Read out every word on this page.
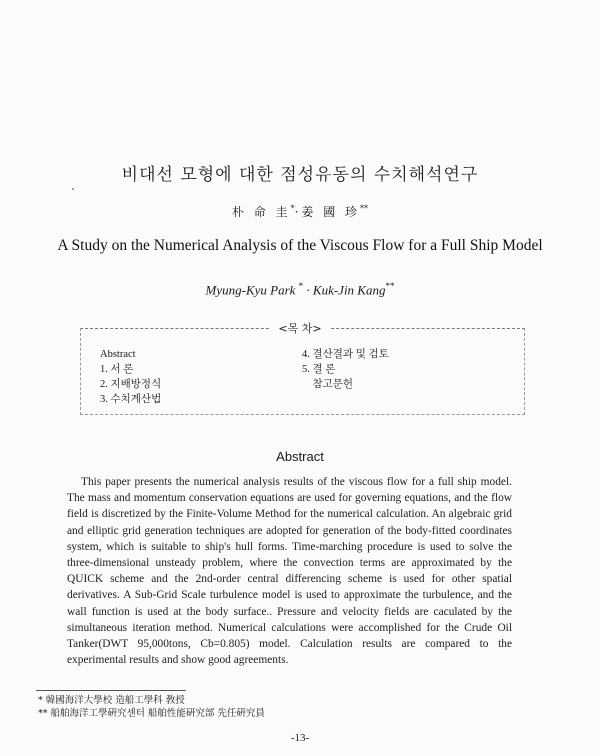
비대선 모형에 대한 점성유동의 수치해석연구
朴 命 圭*·姜 國 珍**
A Study on the Numerical Analysis of the Viscous Flow for a Full Ship Model
Myung-Kyu Park * · Kuk-Jin Kang**
<목 차>
Abstract
1. 서 론
2. 지배방정식
3. 수치계산법
4. 결산결과 및 검토
5. 결 론
참고문헌
Abstract

This paper presents the numerical analysis results of the viscous flow for a full ship model. The mass and momentum conservation equations are used for governing equations, and the flow field is discretized by the Finite-Volume Method for the numerical calculation. An algebraic grid and elliptic grid generation techniques are adopted for generation of the body-fitted coordinates system, which is suitable to ship's hull forms. Time-marching procedure is used to solve the three-dimensional unsteady problem, where the convection terms are approximated by the QUICK scheme and the 2nd-order central differencing scheme is used for other spatial derivatives. A Sub-Grid Scale turbulence model is used to approximate the turbulence, and the wall function is used at the body surface.. Pressure and velocity fields are caculated by the simultaneous iteration method. Numerical calculations were accomplished for the Crude Oil Tanker(DWT 95,000tons, Cb=0.805) model. Calculation results are compared to the experimental results and show good agreements.

* 韓國海洋大學校 造船工學科 敎授
** 船舶海洋工學硏究센터 船舶性能硏究部 先任硏究員
-13-
